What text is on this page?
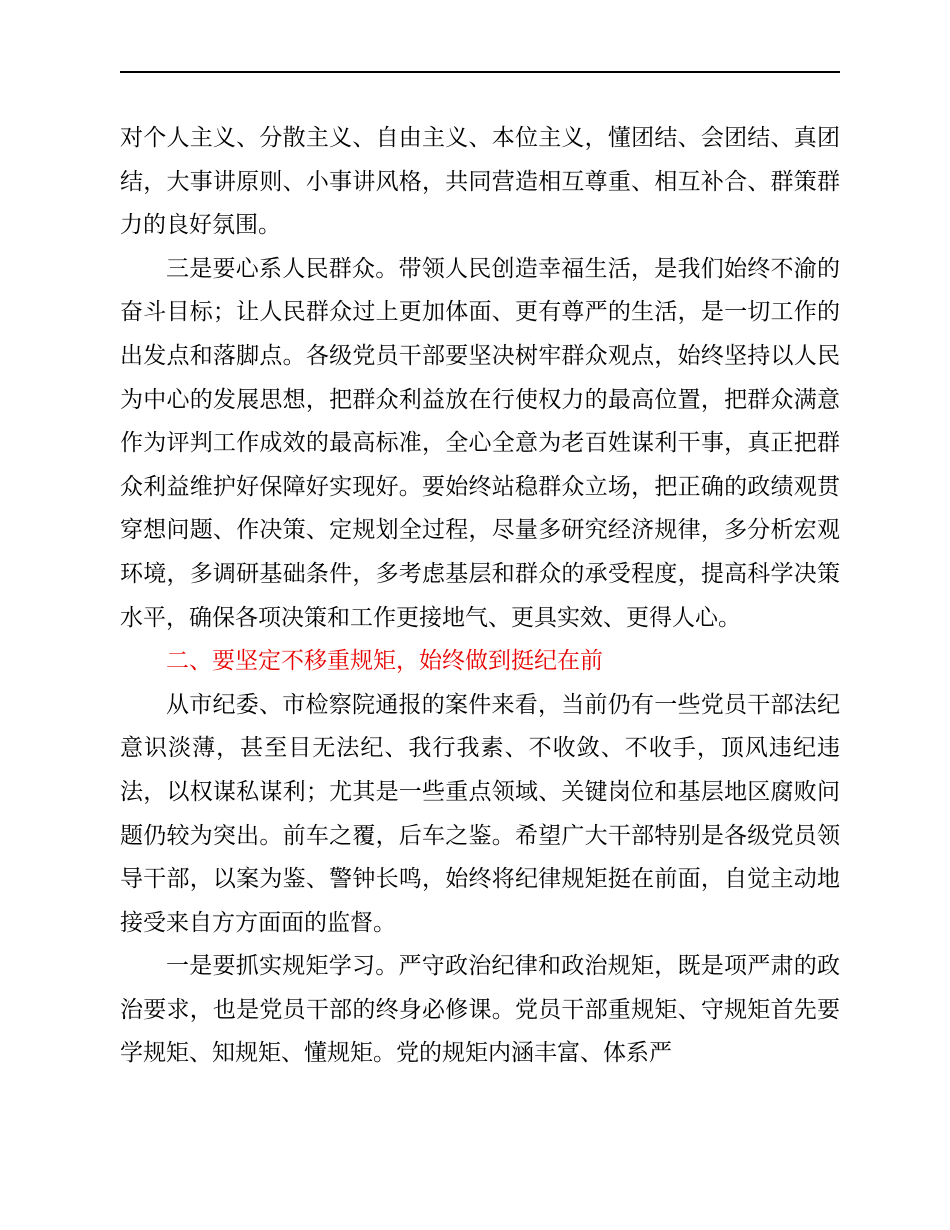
对个人主义、分散主义、自由主义、本位主义，懂团结、会团结、真团结，大事讲原则、小事讲风格，共同营造相互尊重、相互补合、群策群力的良好氛围。

三是要心系人民群众。带领人民创造幸福生活，是我们始终不渝的奋斗目标；让人民群众过上更加体面、更有尊严的生活，是一切工作的出发点和落脚点。各级党员干部要坚决树牢群众观点，始终坚持以人民为中心的发展思想，把群众利益放在行使权力的最高位置，把群众满意作为评判工作成效的最高标准，全心全意为老百姓谋利干事，真正把群众利益维护好保障好实现好。要始终站稳群众立场，把正确的政绩观贯穿想问题、作决策、定规划全过程，尽量多研究经济规律，多分析宏观环境，多调研基础条件，多考虑基层和群众的承受程度，提高科学决策水平，确保各项决策和工作更接地气、更具实效、更得人心。

二、要坚定不移重规矩，始终做到挺纪在前

从市纪委、市检察院通报的案件来看，当前仍有一些党员干部法纪意识淡薄，甚至目无法纪、我行我素、不收敛、不收手，顶风违纪违法，以权谋私谋利；尤其是一些重点领域、关键岗位和基层地区腐败问题仍较为突出。前车之覆，后车之鉴。希望广大干部特别是各级党员领导干部，以案为鉴、警钟长鸣，始终将纪律规矩挺在前面，自觉主动地接受来自方方面面的监督。

一是要抓实规矩学习。严守政治纪律和政治规矩，既是项严肃的政治要求，也是党员干部的终身必修课。党员干部重规矩、守规矩首先要学规矩、知规矩、懂规矩。党的规矩内涵丰富、体系严
